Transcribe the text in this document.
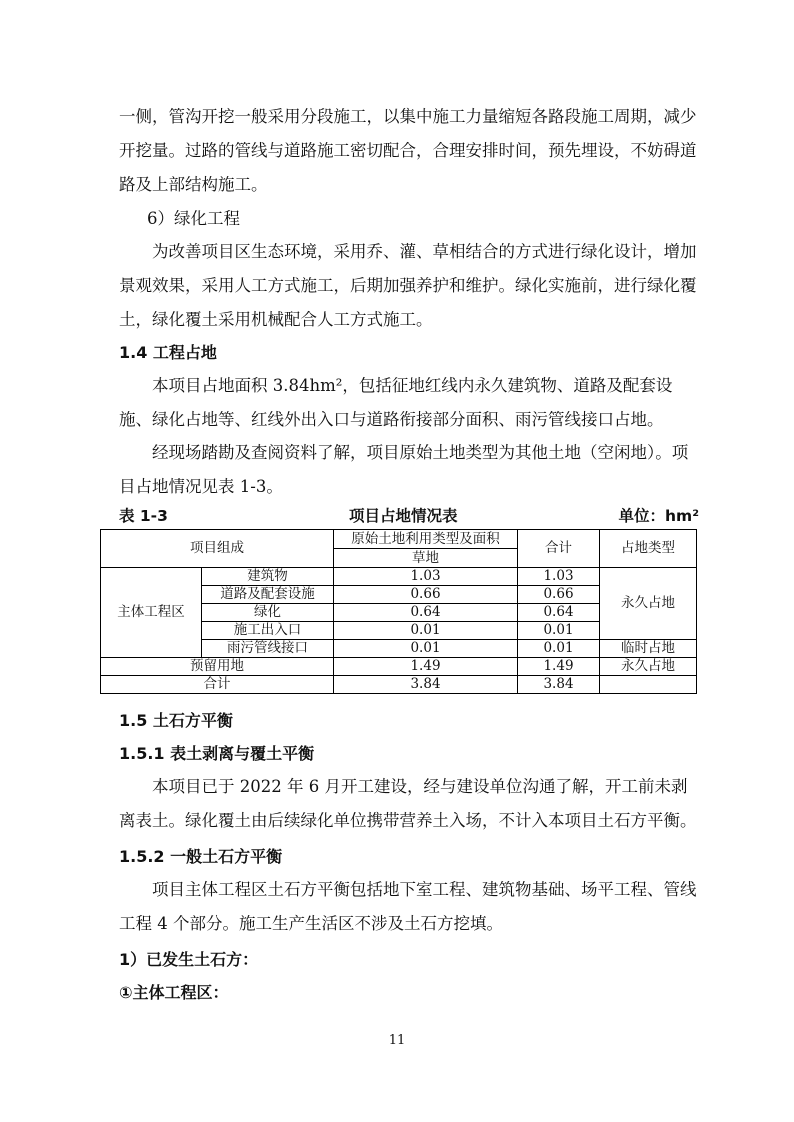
一侧，管沟开挖一般采用分段施工，以集中施工力量缩短各路段施工周期，减少开挖量。过路的管线与道路施工密切配合，合理安排时间，预先埋设，不妨碍道路及上部结构施工。

6）绿化工程

为改善项目区生态环境，采用乔、灌、草相结合的方式进行绿化设计，增加景观效果，采用人工方式施工，后期加强养护和维护。绿化实施前，进行绿化覆土，绿化覆土采用机械配合人工方式施工。

1.4 工程占地

本项目占地面积 3.84hm²，包括征地红线内永久建筑物、道路及配套设施、绿化占地等、红线外出入口与道路衔接部分面积、雨污管线接口占地。

经现场踏勘及查阅资料了解，项目原始土地类型为其他土地（空闲地）。项目占地情况见表 1-3。

表 1-3	项目占地情况表	单位：hm²
项目组成		原始土地利用类型及面积	合计	占地类型
		草地		
主体工程区	建筑物	1.03	1.03	永久占地
	道路及配套设施	0.66	0.66	
	绿化	0.64	0.64	
	施工出入口	0.01	0.01	
	雨污管线接口	0.01	0.01	临时占地
预留用地		1.49	1.49	永久占地
合计		3.84	3.84	
1.5 土石方平衡
1.5.1 表土剥离与覆土平衡

本项目已于 2022 年 6 月开工建设，经与建设单位沟通了解，开工前未剥离表土。绿化覆土由后续绿化单位携带营养土入场，不计入本项目土石方平衡。

1.5.2 一般土石方平衡

项目主体工程区土石方平衡包括地下室工程、建筑物基础、场平工程、管线工程 4 个部分。施工生产生活区不涉及土石方挖填。

1）已发生土石方：
①主体工程区：
11
